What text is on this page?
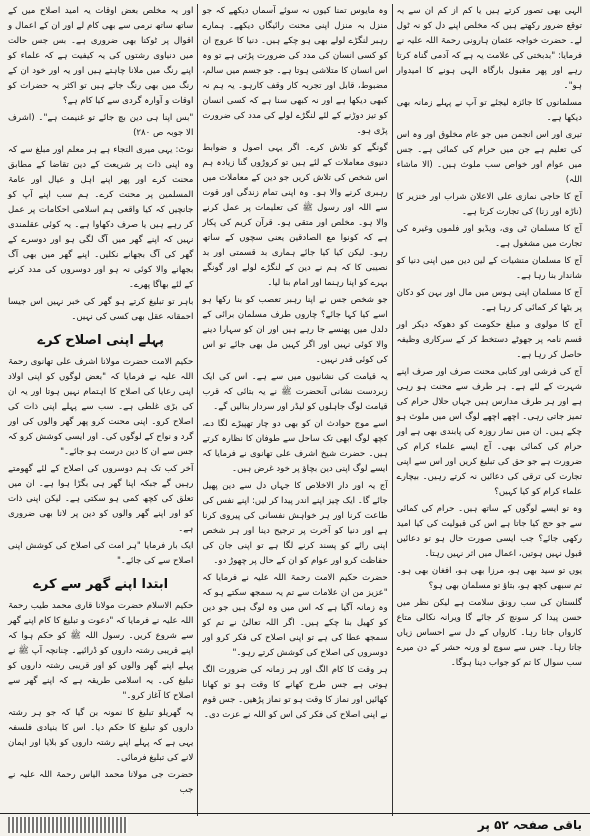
الہی بھی تصور کرتے ہیں یا کم از کم ان سے یہ توقع ضرور رکھتے ہیں کہ مخلص اپنے دل کو نہ ٹول لے۔ حضرت خواجہ عثمان ہارونی رحمۃ اللہ علیہ نے فرمایا: "بدبختی کی علامت یہ ہے کہ آدمی گناہ کرتا رہے اور پھر مقبول بارگاہ الہی ہونے کا امیدوار ہو"۔

مسلمانوں کا جائزہ لیجئے تو آپ نے پہلے زمانہ بھی دیکھا ہے۔

تیری اور اس انجمن میں جو عام مخلوق اور وہ اس کی تعلیم ہے جن میں حرام کی کمائی ہے۔ جس میں عوام اور خواص سب ملوث ہیں۔ (الا ماشاء اللہ)

آج کا حاجی نمازی علی الاعلان شراب اور خنزیر کا (ناڑہ اور زنا) کی تجارت کرتا ہے۔

آج کا مسلمان ٹی وی، ویڈیو اور فلموں وغیرہ کی تجارت میں مشغول ہے۔

آج کا مسلمان منشیات کے لین دین میں اپنی دنیا کو شاندار بنا رہا ہے۔

آج کا مسلمان اپنی ہوس میں مال اور بہن کو دکان پر بٹھا کر کمائی کر رہا ہے۔

آج کا مولوی و مبلغ حکومت کو دھوکہ دیکر اور قسم نامہ پر جھوٹے دستخط کر کے سرکاری وظیفہ حاصل کر رہا ہے۔

آج کی فرشی اور کتابی محنت صرف اور صرف اپنے شہرت کے لئے ہے۔ ہر طرف سے محنت ہو رہی ہے اور ہر طرف مدارس ہیں جہاں حلال حرام کی تمیز جاتی رہی۔ اچھے اچھے لوگ اس میں ملوث ہو چکے ہیں۔ ان میں نماز روزہ کی پابندی بھی ہے اور حرام کی کمائی بھی۔ آج ایسے علماء کرام کی ضرورت ہے جو حق کی تبلیغ کریں اور اس سے اپنی تجارت کی ترقی کی دعائیں نہ کرتے رہیں۔ بیچارے علماء کرام کو کیا کہیں؟

وہ تو ایسے لوگوں کے ساتھ ہیں۔ حرام کی کمائی سے جو حج کیا جاتا ہے اس کی قبولیت کی کیا امید رکھی جائے؟ جب ایسی صورت حال ہو تو دعائیں قبول نہیں ہوتیں، اعمال میں اثر نہیں رہتا۔

یوں تو سید بھی ہو، مرزا بھی ہو، افغان بھی ہو۔ تم سبھی کچھ ہو، بتاؤ تو مسلمان بھی ہو؟

گلستان کی سب رونق سلامت ہے لیکن نظر میں حسن پیدا کر سونچ کر جائے گا ویرانہ نکالی متاع کارواں جاتا رہا۔ کارواں کے دل سے احساس زیاں جاتا رہا۔ جس سے سوچ لو ورنہ حشر کے دن میرے سب سوال کا تم کو جواب دینا ہوگا۔

وہ مایوس تمنا کیوں نہ سوئے آسماں دیکھے کہ جو منزل بہ منزل اپنی محنت رائیگاں دیکھے۔ ہمارے رہبر لنگڑے لولے بھی ہو چکے ہیں۔ دنیا کا عروج ان کو کسی انسان کی مدد کی ضرورت پڑتی ہے تو وہ اس انسان کا متلاشی ہوتا ہے۔ جو جسم میں سالم، مضبوط، قابل اور تجربہ کار وقف کارہو۔ یہ ہم نہ کبھی دیکھا ہے اور نہ کبھی سنا ہے کہ کسی انسان کو تیز دوڑنے کے لئے لنگڑے لولے کی مدد کی ضرورت پڑی ہو۔

گونگے کو تلاش کرے۔ اگر یہی اصول و ضوابط دنیوی معاملات کے لئے ہیں تو کروڑوں گنا زیادہ ہم اس شخص کی تلاش کریں جو دین کے معاملات میں رہبری کرنے والا ہو۔ وہ اپنی تمام زندگی اور قوت سے اللہ اور رسول ﷺ کی تعلیمات پر عمل کرنے والا ہو۔ مخلص اور متقی ہو۔ قرآن کریم کی پکار ہے کہ کونوا مع الصادقین یعنی سچوں کے ساتھ رہو۔ لیکن کیا کیا جائے ہماری بد قسمتی اور بد نصیبی کا کہ ہم نے دین کے لنگڑے لولے اور گونگے بہرے کو اپنا رہنما اور امام بنا لیا۔

جو شخص جس نے اپنا رہبر تعصب کو بنا رکھا ہو اسے کیا کہا جائے؟ چاروں طرف مسلمان برائی کے دلدل میں پھنسے جا رہے ہیں اور ان کو سہارا دینے والا کوئی نہیں اور اگر کہیں مل بھی جائے تو اس کی کوئی قدر نہیں۔

یہ قیامت کی نشانیوں میں سے ہے۔ اس کی ایک زبردست نشانی آنحضرت ﷺ نے یہ بتائی کہ قرب قیامت لوگ جاہلوں کو لیڈر اور سردار بنالیں گے۔

اسے موج حوادث ان کو بھی دو چار تھپیڑے لگا دے، کچھ لوگ ابھی تک ساحل سے طوفان کا نظارہ کرتے ہیں۔ حضرت شیخ اشرف علی تھانوی نے فرمایا کہ ایسے لوگ اپنی دین بچاؤ پر خود غرض ہیں۔

آج یہ اور دار الاخلاص کا جہاں دل سے دین پھیل جائے گا۔ ایک چیز اپنے اندر پیدا کر لیں: اپنے نفس کی طاعت کرنا اور ہر خواہش نفسانی کی پیروی کرنا ہے اور دنیا کو آخرت پر ترجیح دینا اور ہر شخص اپنی رائے کو پسند کرنے لگا ہے تو اپنی جان کی حفاظت کرو اور عوام کو ان کے حال پر چھوڑ دو۔

حضرت حکیم الامت رحمۃ اللہ علیہ نے فرمایا کہ "عزیز من ان علامات سے تم یہ سمجھ سکتے ہو کہ وہ زمانہ آگیا ہے کہ اس میں وہ لوگ ہیں جو دین کو کھیل بنا چکے ہیں۔ اگر اللہ تعالیٰ نے تم کو سمجھ عطا کی ہے تو اپنی اصلاح کی فکر کرو اور دوسروں کی اصلاح کی کوشش کرتے رہو۔"

ہر وقت کا کام الگ اور ہر زمانہ کی ضرورت الگ ہوتی ہے جس طرح کھانے کا وقت ہو تو کھانا کھائیں اور نماز کا وقت ہو تو نماز پڑھیں۔ جس قوم نے اپنی اصلاح کی فکر کی اس کو اللہ نے عزت دی۔

اور یہ مخلص بعض اوقات یہ امید اصلاح میں کے ساتھ ساتھ نرمی سے بھی کام لے اور ان کے اعمال و اقوال پر ٹوکنا بھی ضروری ہے۔ بس جس حالت میں دنیاوی رشتوں کی یہ کیفیت ہے کہ علماء کو اپنے رنگ میں ملانا چاہتے ہیں اور یہ اور خود ان کے رنگ میں بھی رنگ جاتے ہیں تو اکثر یہ حضرات کو اوقات و آوارہ گردی سے کیا کام ہے؟

"بس اپنا ہی دین بچ جائے تو غنیمت ہے"۔ (اشرف الا جوبہ ص ۲۸۰)

نوٹ: یہی میری التجاء ہے ہر معلم اور مبلغ سے کہ وہ اپنی ذات پر شریعت کے دین تقاضا کے مطابق محنت کرے اور پھر اپنے اہل و عیال اور عامۃ المسلمین پر محنت کرے۔ ہم سب اپنے آپ کو جانچیں کہ کیا واقعی ہم اسلامی احکامات پر عمل کر رہے ہیں یا صرف دکھاوا ہے۔ یہ کوئی عقلمندی نہیں کہ اپنے گھر میں آگ لگی ہو اور دوسرے کے گھر کی آگ بجھانے نکلیں۔ اپنے گھر میں بھی آگ بجھانے والا کوئی نہ ہو اور دوسروں کی مدد کرنے کے لئے بھاگا پھرے۔

باہر تو تبلیغ کرتے ہو گھر کی خبر نہیں اس جیسا احمقانہ عقل بھی کسی کی نہیں۔

پہلے اپنی اصلاح کرے

حکیم الامت حضرت مولانا اشرف علی تھانوی رحمۃ اللہ علیہ نے فرمایا کہ "بعض لوگوں کو اپنی اولاد اپنی رعایا کی اصلاح کا اہتمام نہیں ہوتا اور یہ ان کی بڑی غلطی ہے۔ سب سے پہلے اپنی ذات کی اصلاح کرو۔ اپنی محنت کرو پھر گھر والوں کی اور گرد و نواح کے لوگوں کی۔ اور ایسی کوشش کرو کہ جس سے ان کا دین درست ہو جائے۔"

آخر کب تک ہم دوسروں کی اصلاح کے لئے گھومتے رہیں گے جبکہ اپنا گھر ہی بگڑا ہوا ہے۔ ان میں تعلق کی کچھ کمی ہو سکتی ہے۔ لیکن اپنی ذات کو اور اپنے گھر والوں کو دین پر لانا بھی ضروری ہے۔

ایک بار فرمایا "ہر امت کی اصلاح کی کوشش اپنی اصلاح سے کی جائے۔"

ابتدا اپنے گھر سے کرے

حکیم الاسلام حضرت مولانا قاری محمد طیب رحمۃ اللہ علیہ نے فرمایا کہ "دعوت و تبلیغ کا کام اپنے گھر سے شروع کریں۔ رسول اللہ ﷺ کو حکم ہوا کہ اپنے قریبی رشتہ داروں کو ڈرائیے۔ چنانچہ آپ ﷺ نے پہلے اپنے گھر والوں کو اور قریبی رشتہ داروں کو تبلیغ کی۔ یہ اسلامی طریقہ ہے کہ اپنے گھر سے اصلاح کا آغاز کرو۔"

یہ گھریلو تبلیغ کا نمونہ بن گیا کہ جو ہر رشتہ داروں کو تبلیغ کا حکم دیا۔ اس کا بنیادی فلسفہ یہی ہے کہ پہلے اپنے رشتہ داروں کو بلایا اور ایمان لانے کی تبلیغ فرمائی۔

حضرت جی مولانا محمد الیاس رحمۃ اللہ علیہ نے جب

باقی صفحہ ۵۲ پر
